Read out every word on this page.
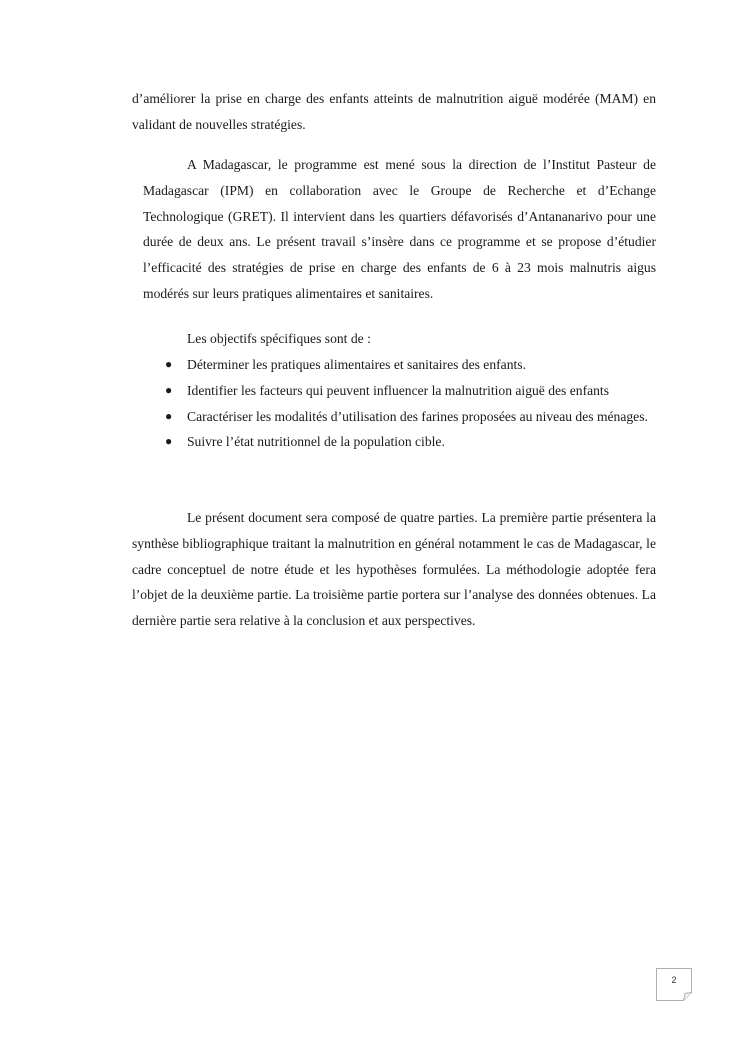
d’améliorer la prise en charge des enfants atteints de malnutrition aiguë modérée (MAM) en validant de nouvelles stratégies.

A Madagascar, le programme est mené sous la direction de l’Institut Pasteur de Madagascar (IPM) en collaboration avec le Groupe de Recherche et d’Echange Technologique (GRET). Il intervient dans les quartiers défavorisés d’Antananarivo pour une durée de deux ans. Le présent travail s’insère dans ce programme et se propose d’étudier l’efficacité des stratégies de prise en charge des enfants de 6 à 23 mois malnutris aigus modérés sur leurs pratiques alimentaires et sanitaires.

Les objectifs spécifiques sont de :

● Déterminer les pratiques alimentaires et sanitaires des enfants.
● Identifier les facteurs qui peuvent influencer la malnutrition aiguë des enfants
● Caractériser les modalités d’utilisation des farines proposées au niveau des ménages.
● Suivre l’état nutritionnel de la population cible.

Le présent document sera composé de quatre parties. La première partie présentera la synthèse bibliographique traitant la malnutrition en général notamment le cas de Madagascar, le cadre conceptuel de notre étude et les hypothèses formulées. La méthodologie adoptée fera l’objet de la deuxième partie. La troisième partie portera sur l’analyse des données obtenues. La dernière partie sera relative à la conclusion et aux perspectives.

2
